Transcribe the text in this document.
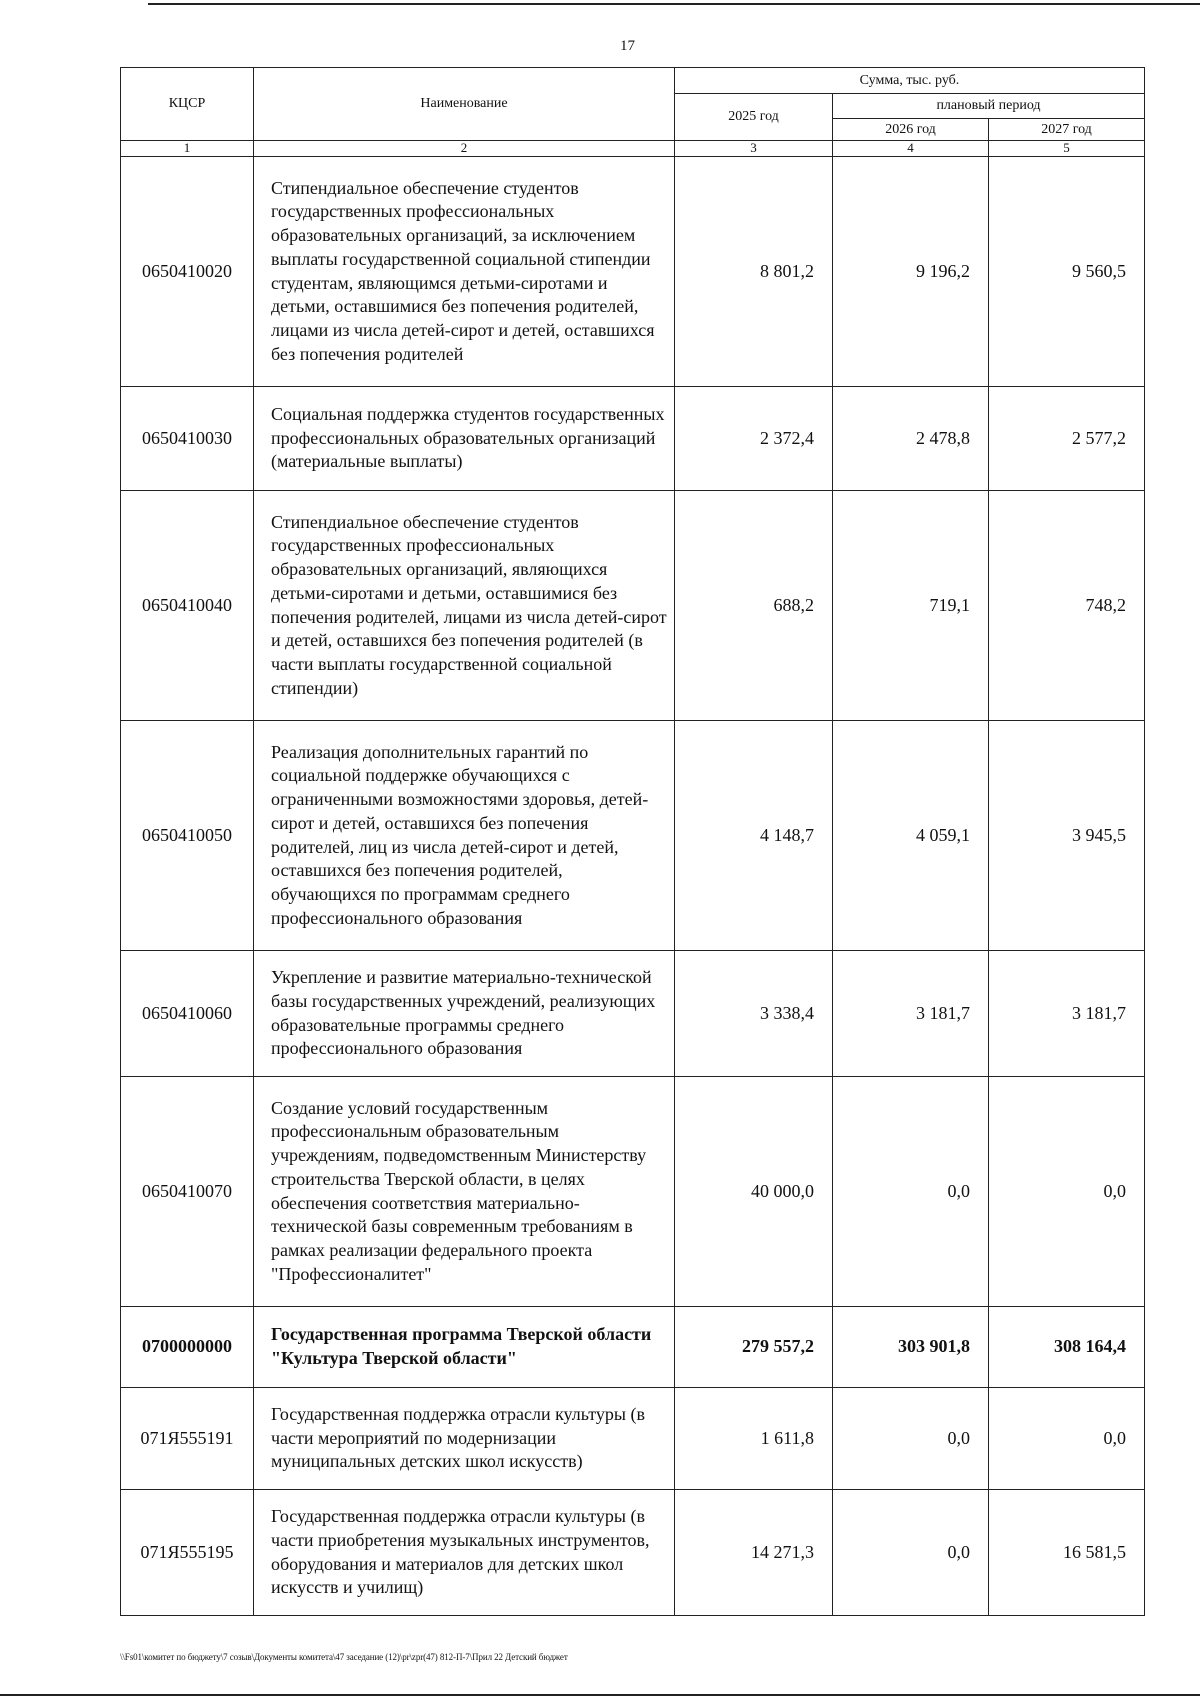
17
КЦСР	Наименование	Сумма, тыс. руб.		
		2025 год	плановый период	
			2026 год	2027 год
1	2	3	4	5
0650410020	Стипендиальное обеспечение студентов государственных профессиональных образовательных организаций, за исключением выплаты государственной социальной стипендии студентам, являющимся детьми-сиротами и детьми, оставшимися без попечения родителей, лицами из числа детей-сирот и детей, оставшихся без попечения родителей	8 801,2	9 196,2	9 560,5
0650410030	Социальная поддержка студентов государственных профессиональных образовательных организаций (материальные выплаты)	2 372,4	2 478,8	2 577,2
0650410040	Стипендиальное обеспечение студентов государственных профессиональных образовательных организаций, являющихся детьми-сиротами и детьми, оставшимися без попечения родителей, лицами из числа детей-сирот и детей, оставшихся без попечения родителей (в части выплаты государственной социальной стипендии)	688,2	719,1	748,2
0650410050	Реализация дополнительных гарантий по социальной поддержке обучающихся с ограниченными возможностями здоровья, детей-сирот и детей, оставшихся без попечения родителей, лиц из числа детей-сирот и детей, оставшихся без попечения родителей, обучающихся по программам среднего профессионального образования	4 148,7	4 059,1	3 945,5
0650410060	Укрепление и развитие материально-технической базы государственных учреждений, реализующих образовательные программы среднего профессионального образования	3 338,4	3 181,7	3 181,7
0650410070	Создание условий государственным профессиональным образовательным учреждениям, подведомственным Министерству строительства Тверской области, в целях обеспечения соответствия материально-технической базы современным требованиям в рамках реализации федерального проекта "Профессионалитет"	40 000,0	0,0	0,0
0700000000	Государственная программа Тверской области "Культура Тверской области"	279 557,2	303 901,8	308 164,4
071Я555191	Государственная поддержка отрасли культуры (в части мероприятий по модернизации муниципальных детских школ искусств)	1 611,8	0,0	0,0
071Я555195	Государственная поддержка отрасли культуры (в части приобретения музыкальных инструментов, оборудования и материалов для детских школ искусств и училищ)	14 271,3	0,0	16 581,5
\\Fs01\комитет по бюджету\7 созыв\Документы комитета\47 заседание (12)\pr\zpr(47) 812-П-7\Прил 22 Детский бюджет
